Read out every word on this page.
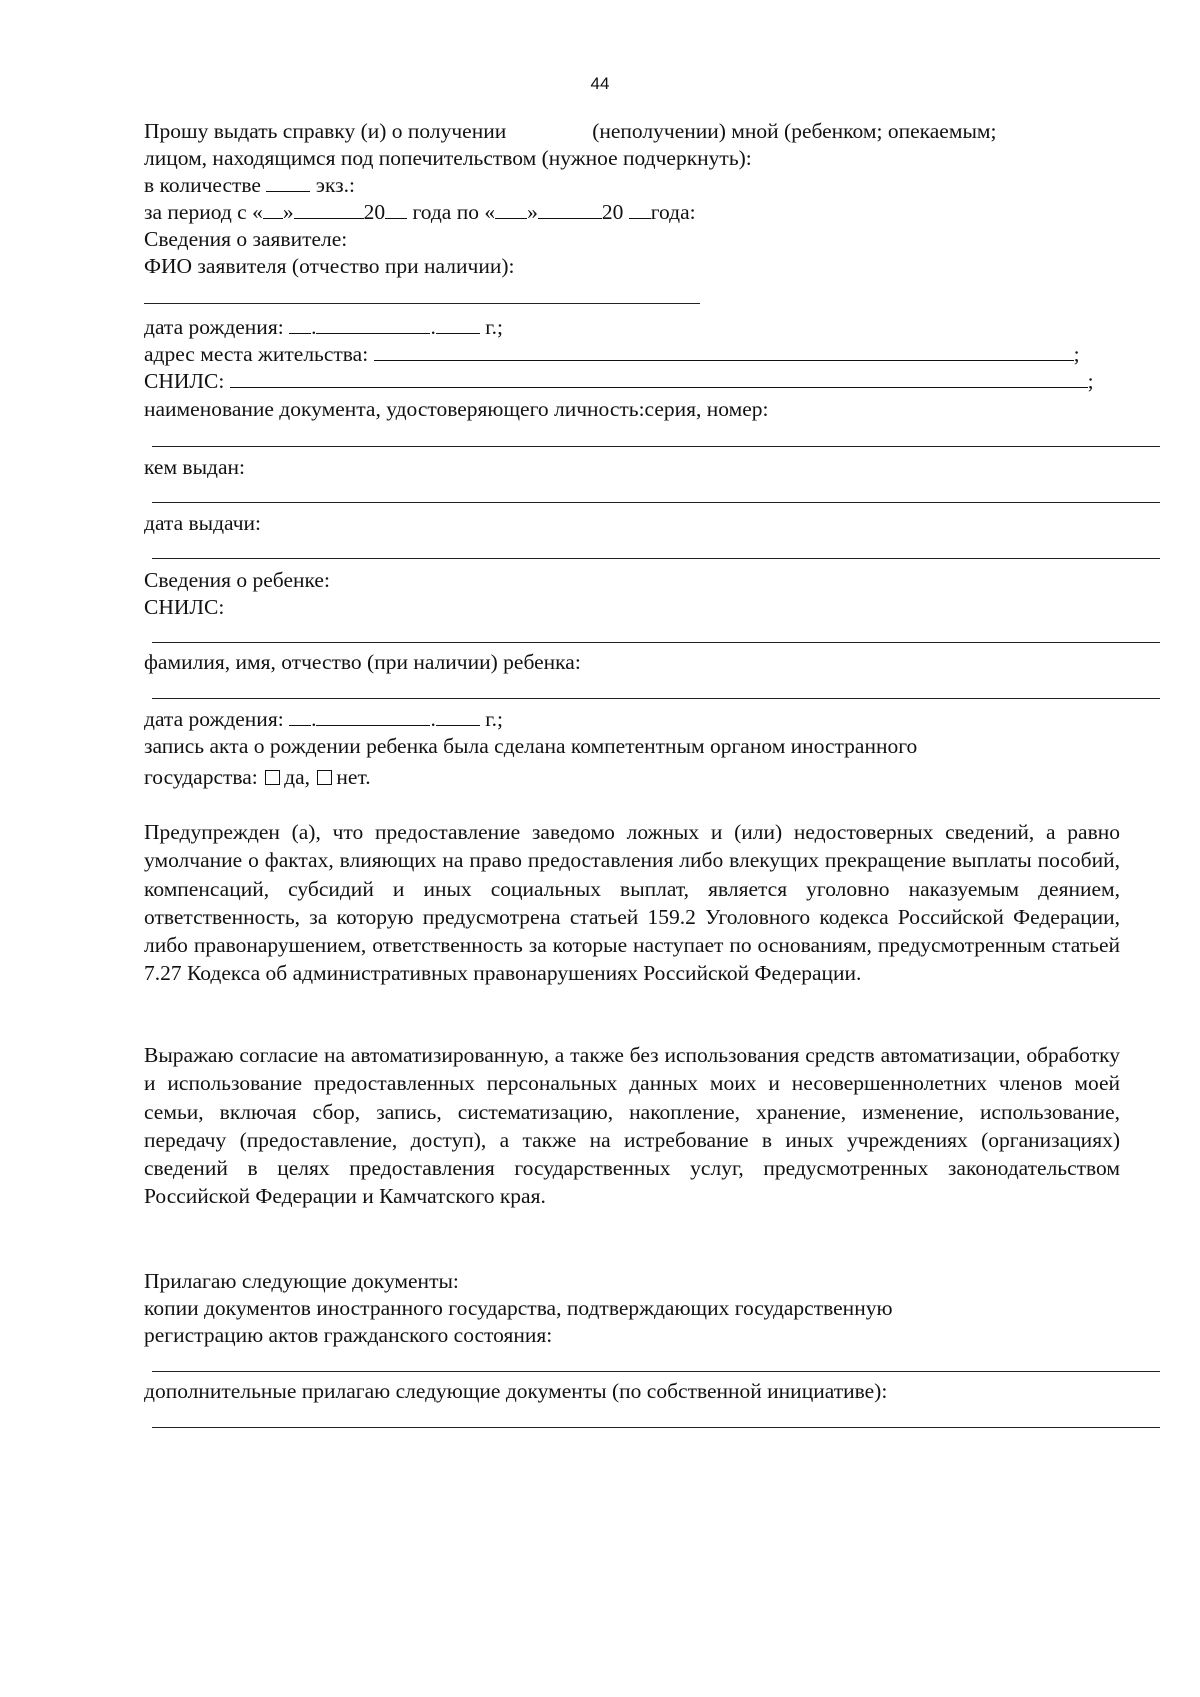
44
Прошу выдать справку (и) о получении	(неполучении) мной (ребенком; опекаемым;
лицом, находящимся под попечительством (нужное подчеркнуть):
в количестве	экз.:
за период с « »	20 года по « »	20 года:
Сведения о заявителе:
ФИО заявителя (отчество при наличии):
дата рождения: .	. г.;
адрес места жительства:	;
СНИЛС:	;
наименование документа, удостоверяющего личность:серия, номер:
кем выдан:
дата выдачи:
Сведения о ребенке:
СНИЛС:
фамилия, имя, отчество (при наличии) ребенка:
дата рождения: .	. г.;
запись акта о рождении ребенка была сделана компетентным органом иностранного
государства: да, нет.

Предупрежден (а), что предоставление заведомо ложных и (или) недостоверных сведений, а равно умолчание о фактах, влияющих на право предоставления либо влекущих прекращение выплаты пособий, компенсаций, субсидий и иных социальных выплат, является уголовно наказуемым деянием, ответственность, за которую предусмотрена статьей 159.2 Уголовного кодекса Российской Федерации, либо правонарушением, ответственность за которые наступает по основаниям, предусмотренным статьей 7.27 Кодекса об административных правонарушениях Российской Федерации.

Выражаю согласие на автоматизированную, а также без использования средств автоматизации, обработку и использование предоставленных персональных данных моих и несовершеннолетних членов моей семьи, включая сбор, запись, систематизацию, накопление, хранение, изменение, использование, передачу (предоставление, доступ), а также на истребование в иных учреждениях (организациях) сведений в целях предоставления государственных услуг, предусмотренных законодательством Российской Федерации и Камчатского края.

Прилагаю следующие документы:
копии документов иностранного государства, подтверждающих государственную
регистрацию актов гражданского состояния:
дополнительные прилагаю следующие документы (по собственной инициативе):
